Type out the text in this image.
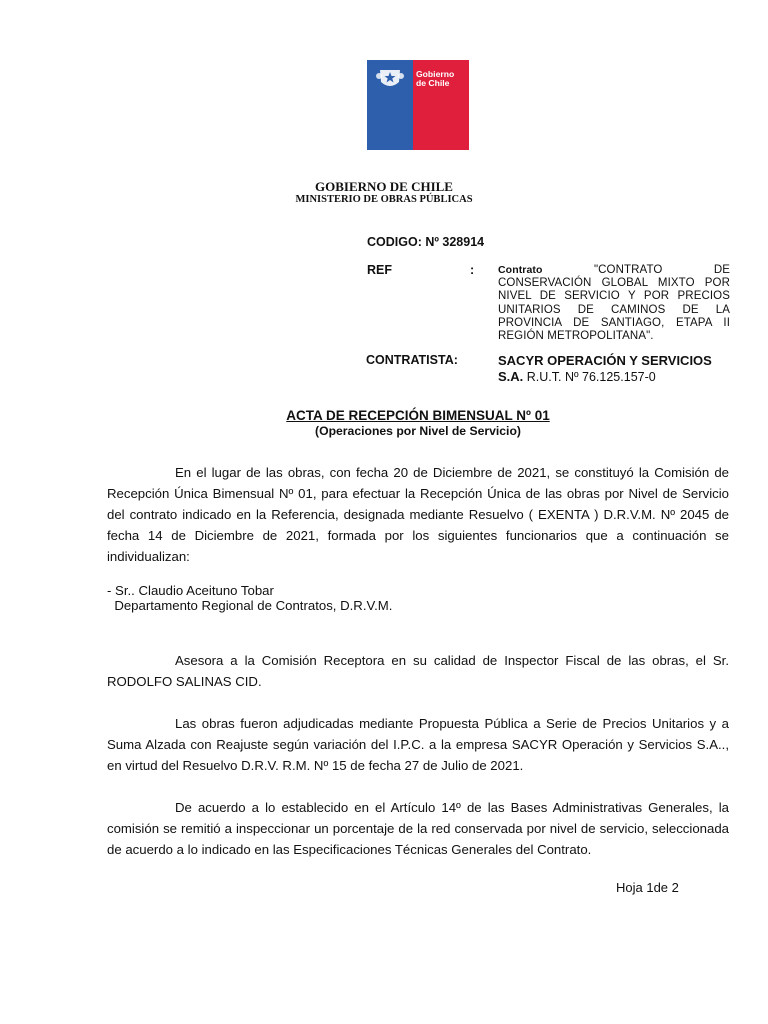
Gobierno
de Chile
GOBIERNO DE CHILE
MINISTERIO DE OBRAS PÚBLICAS
CODIGO: Nº 328914
REF	: Contrato "CONTRATO DE CONSERVACIÓN GLOBAL MIXTO POR NIVEL DE SERVICIO Y POR PRECIOS UNITARIOS DE CAMINOS DE LA PROVINCIA DE SANTIAGO, ETAPA II REGIÓN METROPOLITANA".
CONTRATISTA:	SACYR OPERACIÓN Y SERVICIOS S.A. R.U.T. Nº 76.125.157-0
ACTA DE RECEPCIÓN BIMENSUAL Nº 01
(Operaciones por Nivel de Servicio)
En el lugar de las obras, con fecha 20 de Diciembre de 2021, se constituyó la Comisión de Recepción Única Bimensual Nº 01, para efectuar la Recepción Única de las obras por Nivel de Servicio del contrato indicado en la Referencia, designada mediante Resuelvo ( EXENTA ) D.R.V.M. Nº 2045 de fecha 14 de Diciembre de 2021, formada por los siguientes funcionarios que a continuación se individualizan:
- Sr.. Claudio Aceituno Tobar
Departamento Regional de Contratos, D.R.V.M.
Asesora a la Comisión Receptora en su calidad de Inspector Fiscal de las obras, el Sr. RODOLFO SALINAS CID.
Las obras fueron adjudicadas mediante Propuesta Pública a Serie de Precios Unitarios y a Suma Alzada con Reajuste según variación del I.P.C. a la empresa SACYR Operación y Servicios S.A.., en virtud del Resuelvo D.R.V. R.M. Nº 15 de fecha 27 de Julio de 2021.
De acuerdo a lo establecido en el Artículo 14º de las Bases Administrativas Generales, la comisión se remitió a inspeccionar un porcentaje de la red conservada por nivel de servicio, seleccionada de acuerdo a lo indicado en las Especificaciones Técnicas Generales del Contrato.
Hoja 1de 2
